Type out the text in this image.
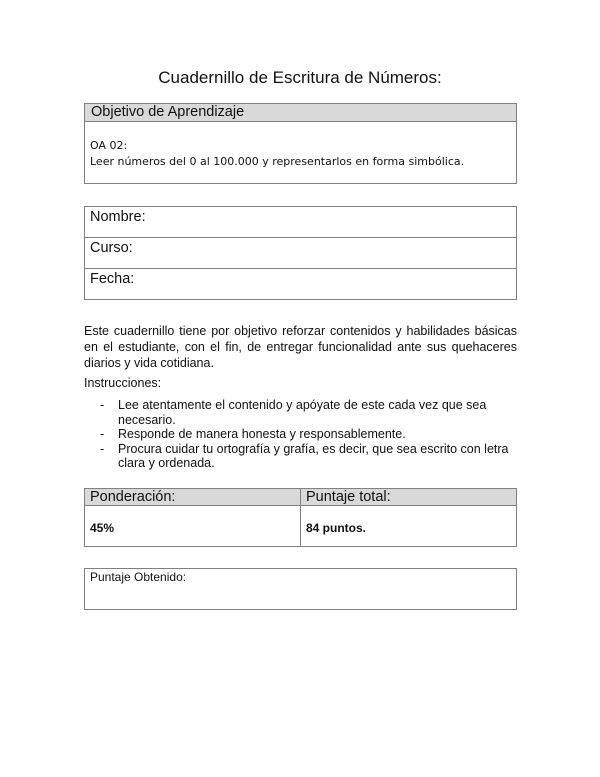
Cuadernillo de Escritura de Números:
Objetivo de Aprendizaje

OA 02:
Leer números del 0 al 100.000 y representarlos en forma simbólica.
Nombre:
Curso:
Fecha:
Este cuadernillo tiene por objetivo reforzar contenidos y habilidades básicas en el estudiante, con el fin, de entregar funcionalidad ante sus quehaceres diarios y vida cotidiana.
Instrucciones:
- Lee atentamente el contenido y apóyate de este cada vez que sea necesario.
- Responde de manera honesta y responsablemente.
- Procura cuidar tu ortografía y grafía, es decir, que sea escrito con letra clara y ordenada.
Ponderación:	Puntaje total:
45%	84 puntos.
Puntaje Obtenido:
